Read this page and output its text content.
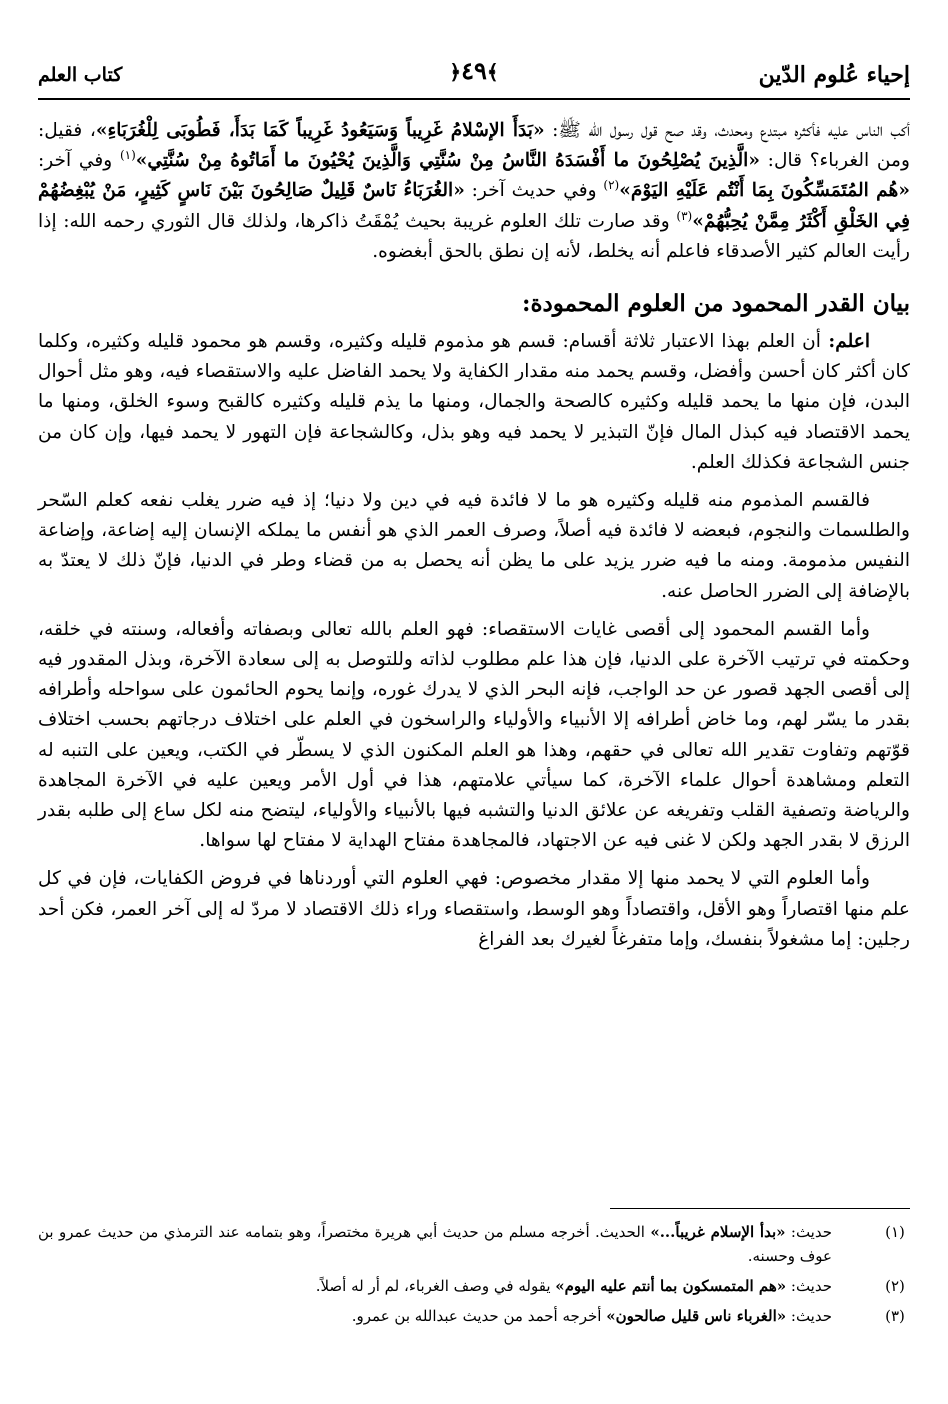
إحياء عُلوم الدّين
﴿٤٩﴾
كتاب العلم

أكب الناس عليه فأكثره مبتدع ومحدث، وقد صح قول رسول الله ﷺ: «بَدَأَ الإسْلامُ غَرِيباً وَسَيَعُودُ غَرِيباً كَمَا بَدَأَ، فَطُوبَى لِلْغُرَبَاءِ»، فقيل: ومن الغرباء؟ قال: «الَّذِينَ يُصْلِحُونَ ما أَفْسَدَهُ النَّاسُ مِنْ سُنَّتِي وَالَّذِينَ يُحْيُونَ ما أَمَاتُوهُ مِنْ سُنَّتِي»$^{(١)}$ وفي آخر: «هُم المُتَمَسِّكُونَ بِمَا أَنْتُم عَلَيْهِ اليَوْمَ»$^{(٢)}$ وفي حديث آخر: «الغُرَبَاءُ نَاسٌ قَلِيلٌ صَالِحُونَ بَيْنَ نَاسٍ كَثِيرٍ، مَنْ يُبْغِضُهُمْ فِي الخَلْقِ أَكْثَرُ مِمَّنْ يُحِبُّهُمْ»$^{(٣)}$ وقد صارت تلك العلوم غريبة بحيث يُمْقَتُ ذاكرها، ولذلك قال الثوري رحمه الله: إذا رأيت العالم كثير الأصدقاء فاعلم أنه يخلط، لأنه إن نطق بالحق أبغضوه.

بيان القدر المحمود من العلوم المحمودة:

اعلم: أن العلم بهذا الاعتبار ثلاثة أقسام: قسم هو مذموم قليله وكثيره، وقسم هو محمود قليله وكثيره، وكلما كان أكثر كان أحسن وأفضل، وقسم يحمد منه مقدار الكفاية ولا يحمد الفاضل عليه والاستقصاء فيه، وهو مثل أحوال البدن، فإن منها ما يحمد قليله وكثيره كالصحة والجمال، ومنها ما يذم قليله وكثيره كالقبح وسوء الخلق، ومنها ما يحمد الاقتصاد فيه كبذل المال فإنّ التبذير لا يحمد فيه وهو بذل، وكالشجاعة فإن التهور لا يحمد فيها، وإن كان من جنس الشجاعة فكذلك العلم.

فالقسم المذموم منه قليله وكثيره هو ما لا فائدة فيه في دين ولا دنيا؛ إذ فيه ضرر يغلب نفعه كعلم السّحر والطلسمات والنجوم، فبعضه لا فائدة فيه أصلاً، وصرف العمر الذي هو أنفس ما يملكه الإنسان إليه إضاعة، وإضاعة النفيس مذمومة. ومنه ما فيه ضرر يزيد على ما يظن أنه يحصل به من قضاء وطر في الدنيا، فإنّ ذلك لا يعتدّ به بالإضافة إلى الضرر الحاصل عنه.

وأما القسم المحمود إلى أقصى غايات الاستقصاء: فهو العلم بالله تعالى وبصفاته وأفعاله، وسنته في خلقه، وحكمته في ترتيب الآخرة على الدنيا، فإن هذا علم مطلوب لذاته وللتوصل به إلى سعادة الآخرة، وبذل المقدور فيه إلى أقصى الجهد قصور عن حد الواجب، فإنه البحر الذي لا يدرك غوره، وإنما يحوم الحائمون على سواحله وأطرافه بقدر ما يسّر لهم، وما خاض أطرافه إلا الأنبياء والأولياء والراسخون في العلم على اختلاف درجاتهم بحسب اختلاف قوّتهم وتفاوت تقدير الله تعالى في حقهم، وهذا هو العلم المكنون الذي لا يسطّر في الكتب، ويعين على التنبه له التعلم ومشاهدة أحوال علماء الآخرة، كما سيأتي علامتهم، هذا في أول الأمر ويعين عليه في الآخرة المجاهدة والرياضة وتصفية القلب وتفريغه عن علائق الدنيا والتشبه فيها بالأنبياء والأولياء، ليتضح منه لكل ساع إلى طلبه بقدر الرزق لا بقدر الجهد ولكن لا غنى فيه عن الاجتهاد، فالمجاهدة مفتاح الهداية لا مفتاح لها سواها.

وأما العلوم التي لا يحمد منها إلا مقدار مخصوص: فهي العلوم التي أوردناها في فروض الكفايات، فإن في كل علم منها اقتصاراً وهو الأقل، واقتصاداً وهو الوسط، واستقصاء وراء ذلك الاقتصاد لا مردّ له إلى آخر العمر، فكن أحد رجلين: إما مشغولاً بنفسك، وإما متفرغاً لغيرك بعد الفراغ

(١)
حديث: «بدأ الإسلام غريباً...» الحديث. أخرجه مسلم من حديث أبي هريرة مختصراً، وهو بتمامه عند الترمذي من حديث عمرو بن عوف وحسنه.
(٢)
حديث: «هم المتمسكون بما أنتم عليه اليوم» يقوله في وصف الغرباء، لم أر له أصلاً.
(٣)
حديث: «الغرباء ناس قليل صالحون» أخرجه أحمد من حديث عبدالله بن عمرو.
